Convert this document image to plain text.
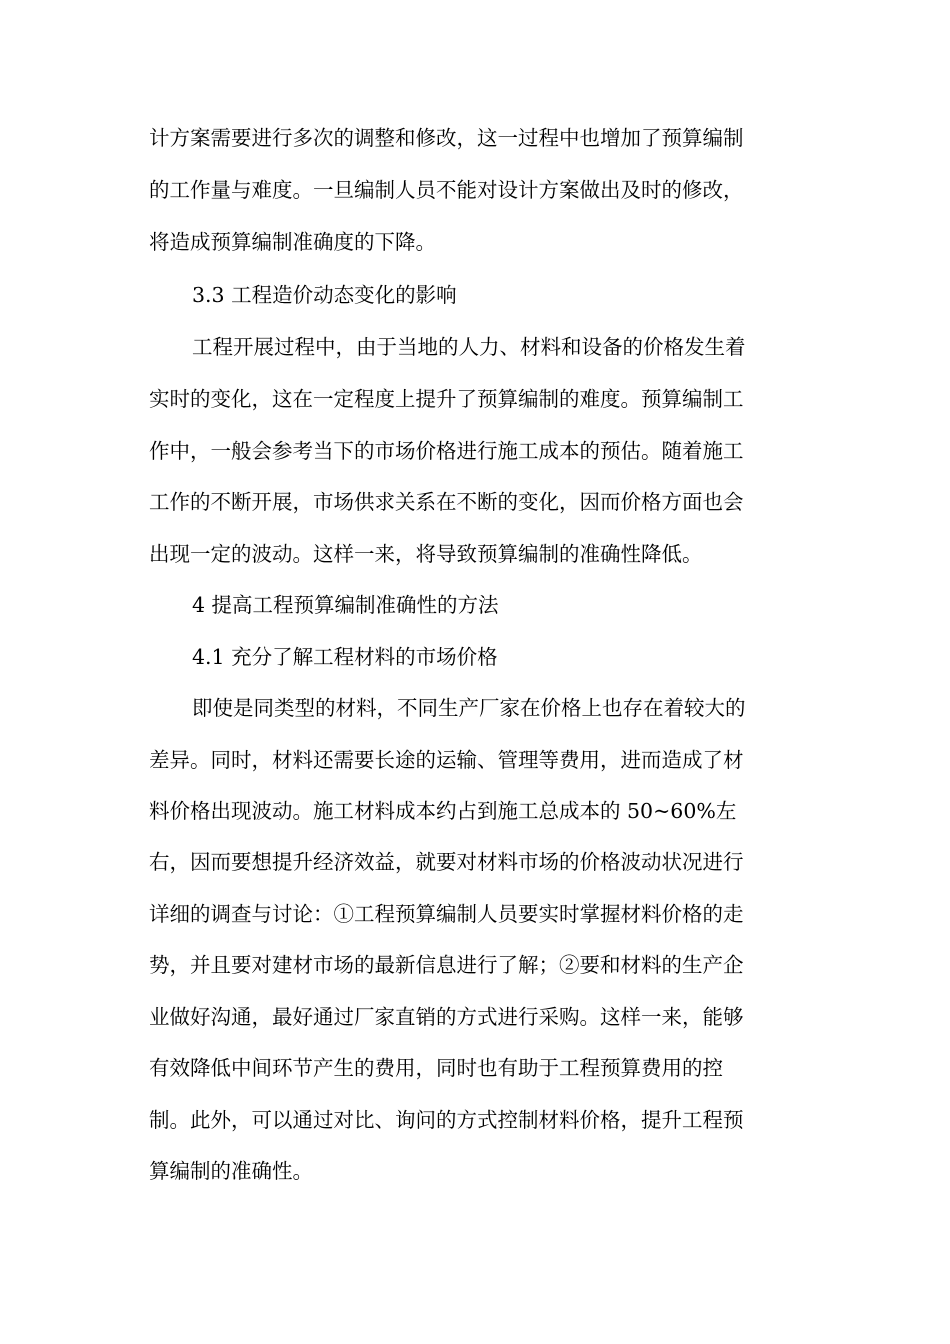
计方案需要进行多次的调整和修改，这一过程中也增加了预算编制
的工作量与难度。一旦编制人员不能对设计方案做出及时的修改，
将造成预算编制准确度的下降。
3.3 工程造价动态变化的影响
工程开展过程中，由于当地的人力、材料和设备的价格发生着
实时的变化，这在一定程度上提升了预算编制的难度。预算编制工
作中，一般会参考当下的市场价格进行施工成本的预估。随着施工
工作的不断开展，市场供求关系在不断的变化，因而价格方面也会
出现一定的波动。这样一来，将导致预算编制的准确性降低。
4 提高工程预算编制准确性的方法
4.1 充分了解工程材料的市场价格
即使是同类型的材料，不同生产厂家在价格上也存在着较大的
差异。同时，材料还需要长途的运输、管理等费用，进而造成了材
料价格出现波动。施工材料成本约占到施工总成本的 50~60%左
右，因而要想提升经济效益，就要对材料市场的价格波动状况进行
详细的调查与讨论：①工程预算编制人员要实时掌握材料价格的走
势，并且要对建材市场的最新信息进行了解；②要和材料的生产企
业做好沟通，最好通过厂家直销的方式进行采购。这样一来，能够
有效降低中间环节产生的费用，同时也有助于工程预算费用的控
制。此外，可以通过对比、询问的方式控制材料价格，提升工程预
算编制的准确性。
